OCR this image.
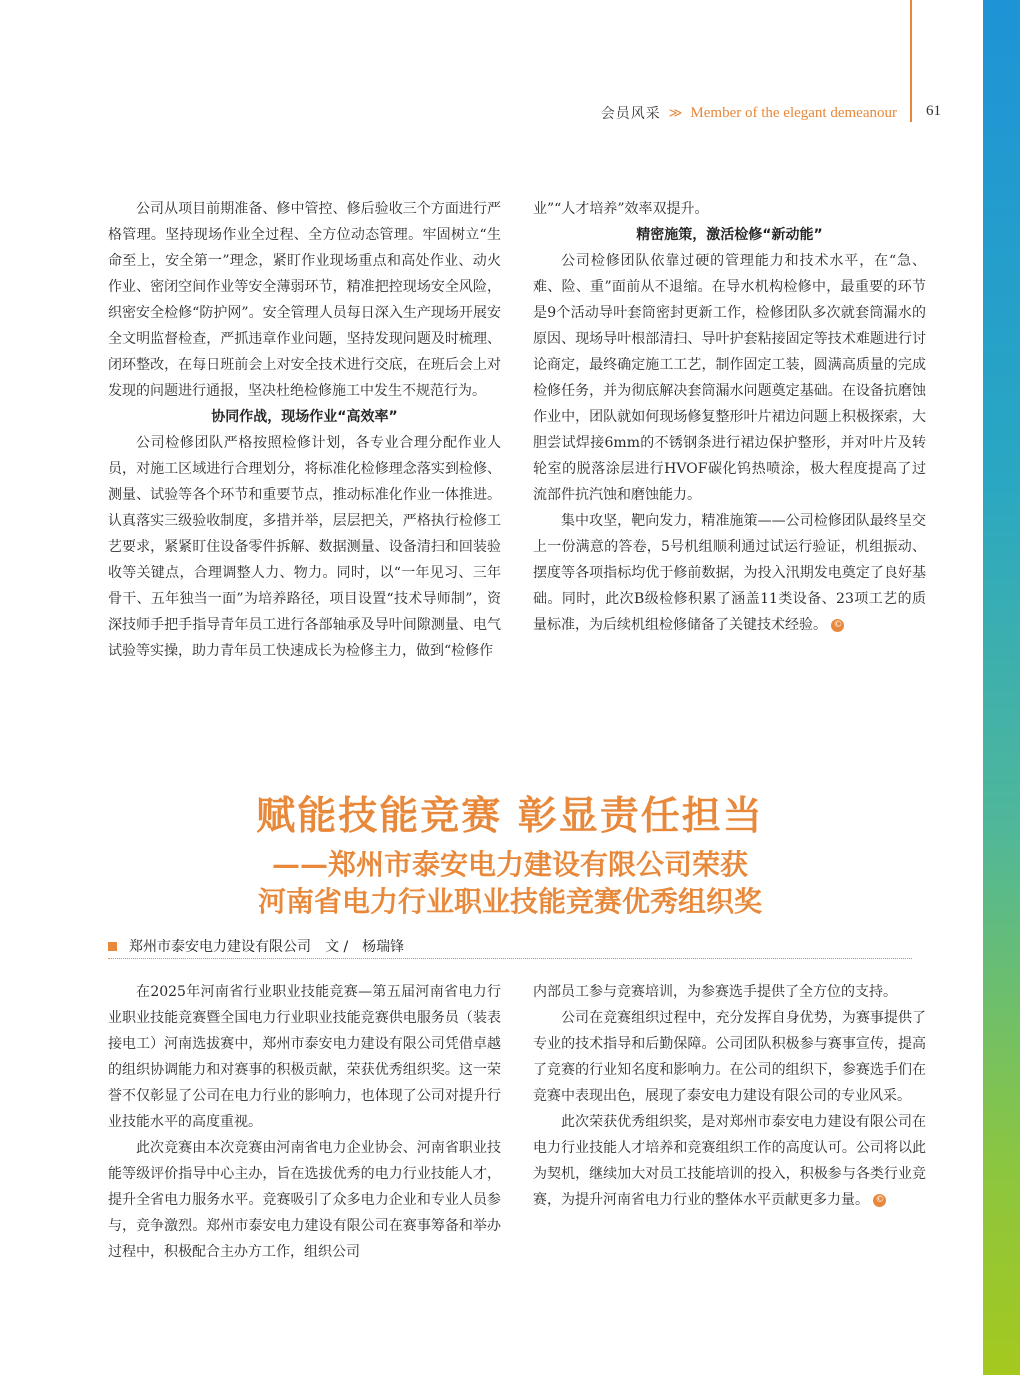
会员风采 ≫ Member of the elegant demeanour 61

公司从项目前期准备、修中管控、修后验收三个方面进行严格管理。坚持现场作业全过程、全方位动态管理。牢固树立“生命至上，安全第一”理念，紧盯作业现场重点和高处作业、动火作业、密闭空间作业等安全薄弱环节，精准把控现场安全风险，织密安全检修“防护网”。安全管理人员每日深入生产现场开展安全文明监督检查，严抓违章作业问题，坚持发现问题及时梳理、闭环整改，在每日班前会上对安全技术进行交底，在班后会上对发现的问题进行通报，坚决杜绝检修施工中发生不规范行为。

协同作战，现场作业“高效率”

公司检修团队严格按照检修计划，各专业合理分配作业人员，对施工区域进行合理划分，将标准化检修理念落实到检修、测量、试验等各个环节和重要节点，推动标准化作业一体推进。认真落实三级验收制度，多措并举，层层把关，严格执行检修工艺要求，紧紧盯住设备零件拆解、数据测量、设备清扫和回装验收等关键点，合理调整人力、物力。同时，以“一年见习、三年骨干、五年独当一面”为培养路径，项目设置“技术导师制”，资深技师手把手指导青年员工进行各部轴承及导叶间隙测量、电气试验等实操，助力青年员工快速成长为检修主力，做到“检修作

业”“人才培养”效率双提升。

精密施策，激活检修“新动能”

公司检修团队依靠过硬的管理能力和技术水平，在“急、难、险、重”面前从不退缩。在导水机构检修中，最重要的环节是9个活动导叶套筒密封更新工作，检修团队多次就套筒漏水的原因、现场导叶根部清扫、导叶护套粘接固定等技术难题进行讨论商定，最终确定施工工艺，制作固定工装，圆满高质量的完成检修任务，并为彻底解决套筒漏水问题奠定基础。在设备抗磨蚀作业中，团队就如何现场修复整形叶片裙边问题上积极探索，大胆尝试焊接6mm的不锈钢条进行裙边保护整形，并对叶片及转轮室的脱落涂层进行HVOF碳化钨热喷涂，极大程度提高了过流部件抗汽蚀和磨蚀能力。

集中攻坚，靶向发力，精准施策——公司检修团队最终呈交上一份满意的答卷，5号机组顺利通过试运行验证，机组振动、摆度等各项指标均优于修前数据，为投入汛期发电奠定了良好基础。同时，此次B级检修积累了涵盖11类设备、23项工艺的质量标准，为后续机组检修储备了关键技术经验。 ©

赋能技能竞赛 彰显责任担当
——郑州市泰安电力建设有限公司荣获
河南省电力行业职业技能竞赛优秀组织奖
郑州市泰安电力建设有限公司　文 /　杨瑞锋

在2025年河南省行业职业技能竞赛—第五届河南省电力行业职业技能竞赛暨全国电力行业职业技能竞赛供电服务员（装表接电工）河南选拔赛中，郑州市泰安电力建设有限公司凭借卓越的组织协调能力和对赛事的积极贡献，荣获优秀组织奖。这一荣誉不仅彰显了公司在电力行业的影响力，也体现了公司对提升行业技能水平的高度重视。

此次竞赛由本次竞赛由河南省电力企业协会、河南省职业技能等级评价指导中心主办，旨在选拔优秀的电力行业技能人才，提升全省电力服务水平。竞赛吸引了众多电力企业和专业人员参与，竞争激烈。郑州市泰安电力建设有限公司在赛事筹备和举办过程中，积极配合主办方工作，组织公司

内部员工参与竞赛培训，为参赛选手提供了全方位的支持。

公司在竞赛组织过程中，充分发挥自身优势，为赛事提供了专业的技术指导和后勤保障。公司团队积极参与赛事宣传，提高了竞赛的行业知名度和影响力。在公司的组织下，参赛选手们在竞赛中表现出色，展现了泰安电力建设有限公司的专业风采。

此次荣获优秀组织奖，是对郑州市泰安电力建设有限公司在电力行业技能人才培养和竞赛组织工作的高度认可。公司将以此为契机，继续加大对员工技能培训的投入，积极参与各类行业竞赛，为提升河南省电力行业的整体水平贡献更多力量。 ©
